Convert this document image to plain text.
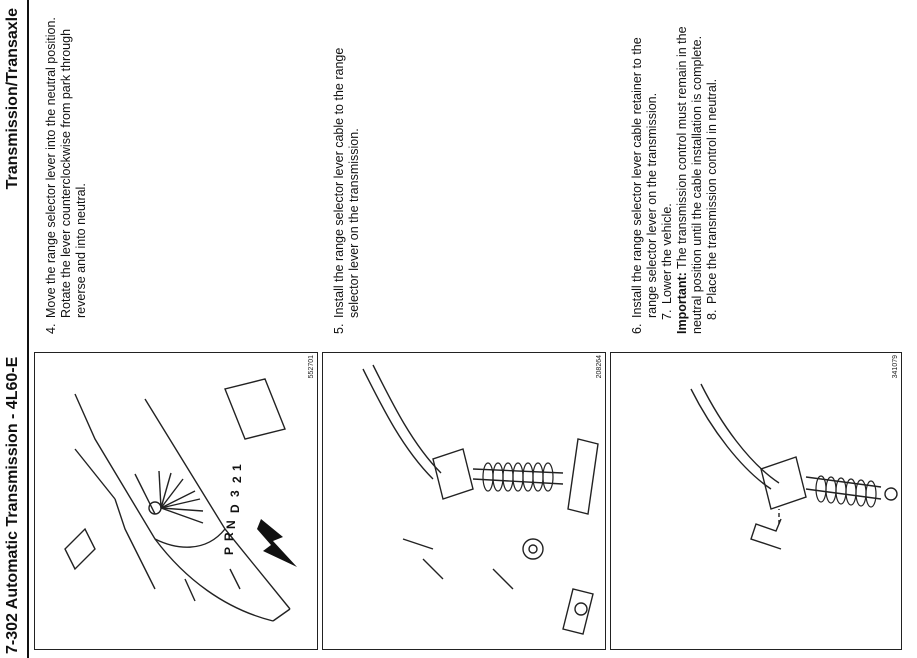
7-302 Automatic Transmission - 4L60-E
Transmission/Transaxle
P
R
N
D
3
2
1
552701	208264	341079
4.
Move the range selector lever into the neutral position. Rotate the lever counterclockwise from park through reverse and into neutral.
5.
Install the range selector lever cable to the range selector lever on the transmission.
6.
Install the range selector lever cable retainer to the range selector lever on the transmission. 7.
Lower the vehicle. Important: The transmission control must remain in the neutral position until the cable installation is complete. 8.
Place the transmission control in neutral.
